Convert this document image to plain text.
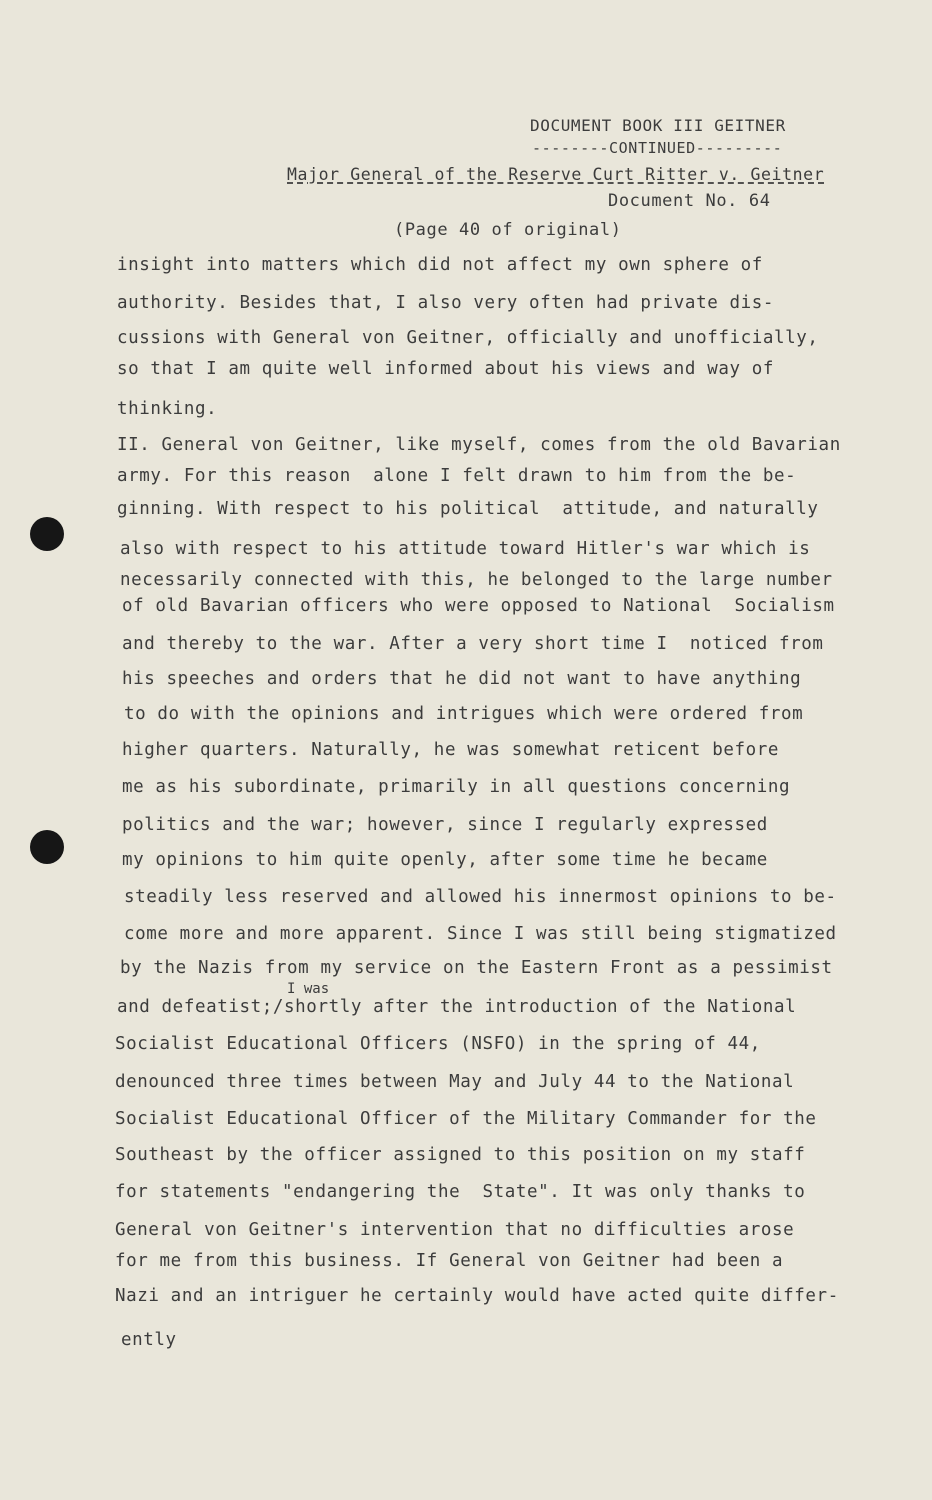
DOCUMENT BOOK III GEITNER
--------CONTINUED---------
Major General of the Reserve Curt Ritter v. Geitner
Document No. 64
(Page 40 of original)
insight into matters which did not affect my own sphere of
authority. Besides that, I also very often had private dis-
cussions with General von Geitner, officially and unofficially,
so that I am quite well informed about his views and way of
thinking.
II. General von Geitner, like myself, comes from the old Bavarian
army. For this reason  alone I felt drawn to him from the be-
ginning. With respect to his political  attitude, and naturally
also with respect to his attitude toward Hitler's war which is
necessarily connected with this, he belonged to the large number
of old Bavarian officers who were opposed to National  Socialism
and thereby to the war. After a very short time I  noticed from
his speeches and orders that he did not want to have anything
to do with the opinions and intrigues which were ordered from
higher quarters. Naturally, he was somewhat reticent before
me as his subordinate, primarily in all questions concerning
politics and the war; however, since I regularly expressed
my opinions to him quite openly, after some time he became
steadily less reserved and allowed his innermost opinions to be-
come more and more apparent. Since I was still being stigmatized
by the Nazis from my service on the Eastern Front as a pessimist
I was
and defeatist;/shortly after the introduction of the National
Socialist Educational Officers (NSFO) in the spring of 44,
denounced three times between May and July 44 to the National
Socialist Educational Officer of the Military Commander for the
Southeast by the officer assigned to this position on my staff
for statements "endangering the  State". It was only thanks to
General von Geitner's intervention that no difficulties arose
for me from this business. If General von Geitner had been a
Nazi and an intriguer he certainly would have acted quite differ-
ently
